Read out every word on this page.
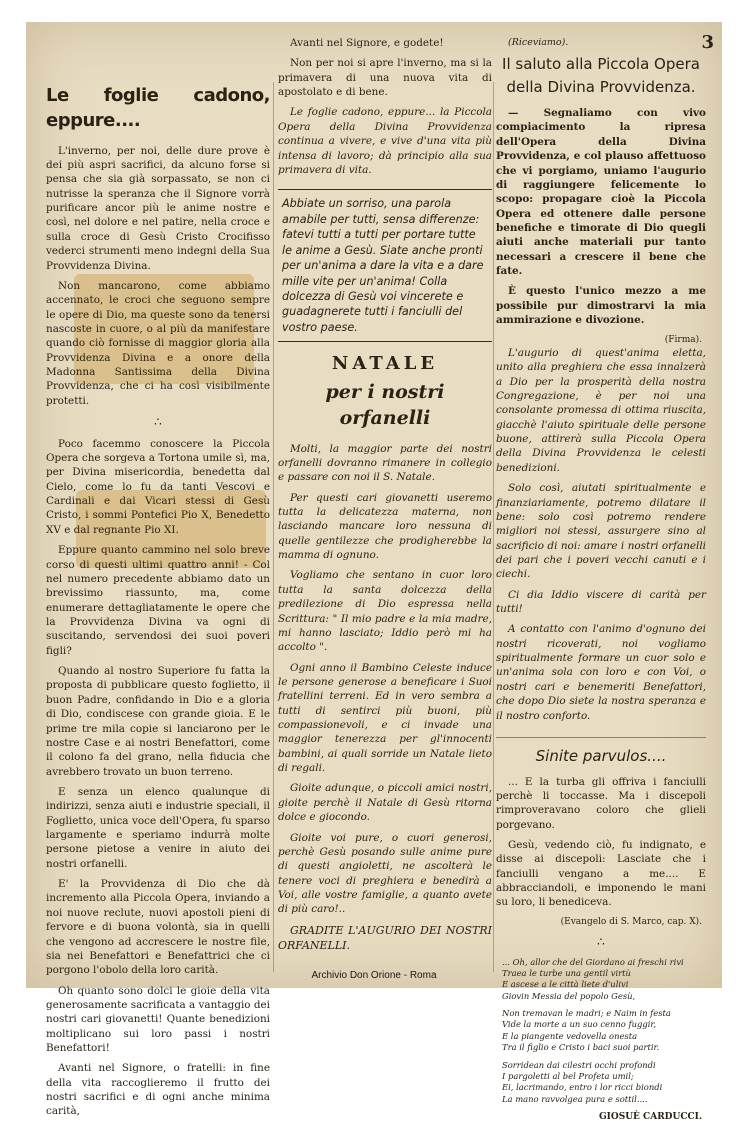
3
Le foglie cadono, eppure....

L'inverno, per noi, delle dure prove è dei più aspri sacrifici, da alcuno forse si pensa che sia già sorpassato, se non ci nutrisse la speranza che il Signore vorrà purificare ancor più le anime nostre e così, nel dolore e nel patire, nella croce e sulla croce di Gesù Cristo Crocifisso vederci strumenti meno indegni della Sua Provvidenza Divina.

Non mancarono, come abbiamo accennato, le croci che seguono sempre le opere di Dio, ma queste sono da tenersi nascoste in cuore, o al più da manifestare quando ciò fornisse di maggior gloria alla Provvidenza Divina e a onore della Madonna Santissima della Divina Provvidenza, che ci ha così visibilmente protetti.

∴

Poco facemmo conoscere la Piccola Opera che sorgeva a Tortona umile sì, ma, per Divina misericordia, benedetta dal Cielo, come lo fu da tanti Vescovi e Cardinali e dai Vicari stessi di Gesù Cristo, i sommi Pontefici Pio X, Benedetto XV e dal regnante Pio XI.

Eppure quanto cammino nel solo breve corso di questi ultimi quattro anni! - Col nel numero precedente abbiamo dato un brevissimo riassunto, ma, come enumerare dettagliatamente le opere che la Provvidenza Divina va ogni di suscitando, servendosi dei suoi poveri figli?

Quando al nostro Superiore fu fatta la proposta di pubblicare questo foglietto, il buon Padre, confidando in Dio e a gloria di Dio, condiscese con grande gioia. E le prime tre mila copie si lanciarono per le nostre Case e ai nostri Benefattori, come il colono fa del grano, nella fiducia che avrebbero trovato un buon terreno.

E senza un elenco qualunque di indirizzi, senza aiuti e industrie speciali, il Foglietto, unica voce dell'Opera, fu sparso largamente e speriamo indurrà molte persone pietose a venire in aiuto dei nostri orfanelli.

E' la Provvidenza di Dio che dà incremento alla Piccola Opera, inviando a noi nuove reclute, nuovi apostoli pieni di fervore e di buona volontà, sia in quelli che vengono ad accrescere le nostre file, sia nei Benefattori e Benefattrici che ci porgono l'obolo della loro carità.

Oh quanto sono dolci le gioie della vita generosamente sacrificata a vantaggio dei nostri cari giovanetti! Quante benedizioni moltiplicano sui loro passi i nostri Benefattori!

Avanti nel Signore, o fratelli: in fine della vita raccoglieremo il frutto dei nostri sacrifici e di ogni anche minima carità,

Avanti nel Signore, e godete!

Non per noi si apre l'inverno, ma si la primavera di una nuova vita di apostolato e di bene.

Le foglie cadono, eppure... la Piccola Opera della Divina Provvidenza continua a vivere, e vive d'una vita più intensa di lavoro; dà principio alla sua primavera di vita.

Abbiate un sorriso, una parola amabile per tutti, sensa differenze: fatevi tutti a tutti per portare tutte le anime a Gesù. Siate anche pronti per un'anima a dare la vita e a dare mille vite per un'anima! Colla dolcezza di Gesù voi vincerete e guadagnerete tutti i fanciulli del vostro paese.
NATALE
per i nostri orfanelli

Molti, la maggior parte dei nostri orfanelli dovranno rimanere in collegio e passare con noi il S. Natale.

Per questi cari giovanetti useremo tutta la delicatezza materna, non lasciando mancare loro nessuna di quelle gentilezze che prodigherebbe la mamma di ognuno.

Vogliamo che sentano in cuor loro tutta la santa dolcezza della predilezione di Dio espressa nella Scrittura: " Il mio padre e la mia madre, mi hanno lasciato; Iddio però mi ha accolto ".

Ogni anno il Bambino Celeste induce le persone generose a beneficare i Suoi fratellini terreni. Ed in vero sembra a tutti di sentirci più buoni, più compassionevoli, e ci invade una maggior tenerezza per gl'innocenti bambini, ai quali sorride un Natale lieto di regali.

Gioite adunque, o piccoli amici nostri, gioite perchè il Natale di Gesù ritorna dolce e giocondo.

Gioite voi pure, o cuori generosi, perchè Gesù posando sulle anime pure di questi angioletti, ne ascolterà le tenere voci di preghiera e benedirà a Voi, alle vostre famiglie, a quanto avete di più caro!..

GRADITE L'AUGURIO DEI NOSTRI ORFANELLI.

(Riceviamo).
Il saluto alla Piccola Opera della Divina Provvidenza.

— Segnaliamo con vivo compiacimento la ripresa dell'Opera della Divina Provvidenza, e col plauso affettuoso che vi porgiamo, uniamo l'augurio di raggiungere felicemente lo scopo: propagare cioè la Piccola Opera ed ottenere dalle persone benefiche e timorate di Dio quegli aiuti anche materiali pur tanto necessari a crescere il bene che fate.

È questo l'unico mezzo a me possibile pur dimostrarvi la mia ammirazione e divozione.

(Firma).

L'augurio di quest'anima eletta, unito alla preghiera che essa innalzerà a Dio per la prosperità della nostra Congregazione, è per noi una consolante promessa di ottima riuscita, giacchè l'aiuto spirituale delle persone buone, attirerà sulla Piccola Opera della Divina Provvidenza le celesti benedizioni.

Solo così, aiutati spiritualmente e finanziariamente, potremo dilatare il bene: solo così potremo rendere migliori noi stessi, assurgere sino al sacrificio di noi: amare i nostri orfanelli dei pari che i poveri vecchi canuti e i ciechi.

Ci dia Iddio viscere di carità per tutti!

A contatto con l'animo d'ognuno dei nostri ricoverati, noi vogliamo spiritualmente formare un cuor solo e un'anima sola con loro e con Voi, o nostri cari e benemeriti Benefattori, che dopo Dio siete la nostra speranza e il nostro conforto.

Sinite parvulos....

... E la turba gli offriva i fanciulli perchè li toccasse. Ma i discepoli rimproveravano coloro che glieli porgevano.

Gesù, vedendo ciò, fu indignato, e disse ai discepoli: Lasciate che i fanciulli vengano a me.... E abbracciandoli, e imponendo le mani su loro, li benediceva.

(Evangelo di S. Marco, cap. X).
∴
... Oh, allor che del Giordano ai freschi rivi
Traea le turbe una gentil virtù
E ascese a le città liete d'ulivi
Giovin Messia del popolo Gesù,
Non tremavan le madri; e Naim in festa
Vide la morte a un suo cenno fuggir,
E la piangente vedovella onesta
Tra il figlio e Cristo i baci suoi partir.
Sorridean dai cilestri occhi profondi
I pargoletti al bel Profeta umil;
Ei, lacrimando, entro i lor ricci biondi
La mano ravvolgea pura e sottil....
GIOSUÈ CARDUCCI.
Archivio Don Orione - Roma
